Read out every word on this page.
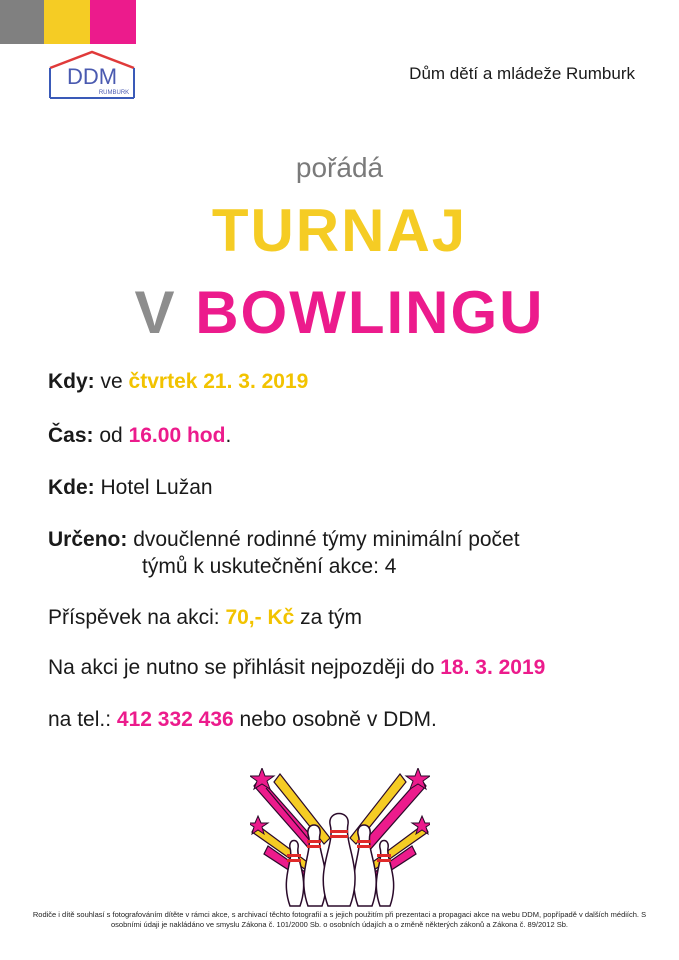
DDM
RUMBURK
Dům dětí a mládeže Rumburk
pořádá
TURNAJ
V BOWLINGU
Kdy: ve čtvrtek 21. 3. 2019
Čas: od 16.00 hod.
Kde: Hotel Lužan
Určeno: dvoučlenné rodinné týmy minimální počet
týmů k uskutečnění akce: 4
Příspěvek na akci: 70,- Kč za tým
Na akci je nutno se přihlásit nejpozději do 18. 3. 2019
na tel.: 412 332 436 nebo osobně v DDM.
Rodiče i dítě souhlasí s fotografováním dítěte v rámci akce, s archivací těchto fotografií a s jejich použitím při prezentaci a propagaci akce na webu DDM, popřípadě v dalších médiích. S osobními údaji je nakládáno ve smyslu Zákona č. 101/2000 Sb. o osobních údajích a o změně některých zákonů a Zákona č. 89/2012 Sb.
